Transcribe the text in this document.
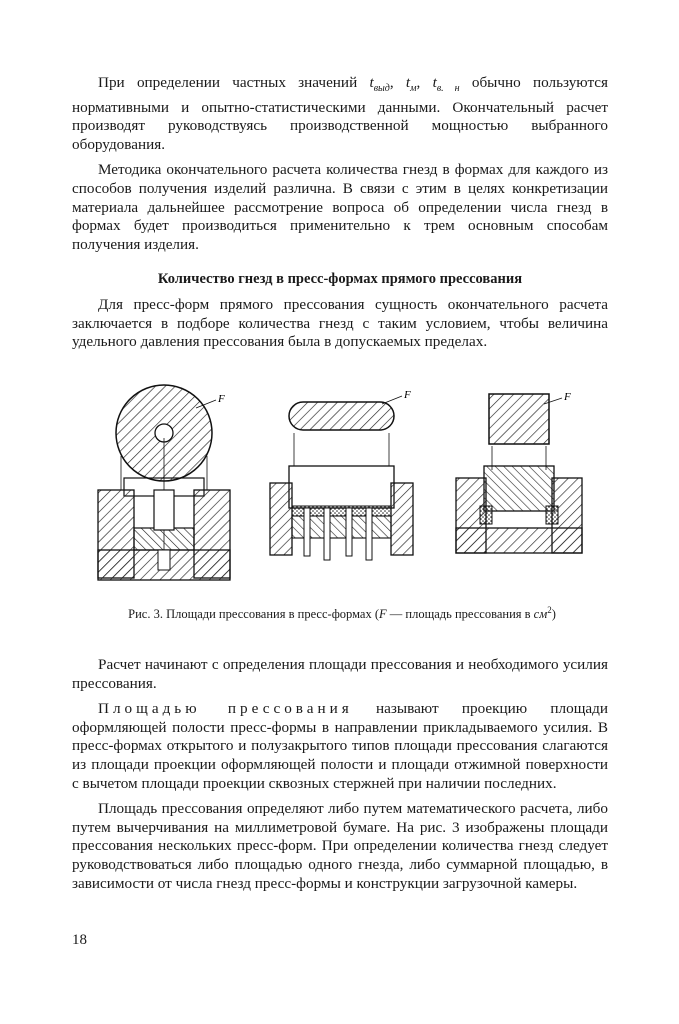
При определении частных значений $t_{выд}$, $t_м$, $t_{в. н}$ обычно пользуются нормативными и опытно-статистическими данными. Окончательный расчет производят руководствуясь производственной мощностью выбранного оборудования.

Методика окончательного расчета количества гнезд в формах для каждого из способов получения изделий различна. В связи с этим в целях конкретизации материала дальнейшее рассмотрение вопроса об определении числа гнезд в формах будет производиться применительно к трем основным способам получения изделия.

Количество гнезд в пресс-формах прямого прессования

Для пресс-форм прямого прессования сущность окончательного расчета заключается в подборе количества гнезд с таким условием, чтобы величина удельного давления прессования была в допускаемых пределах.

F	F	F
Рис. 3. Площади прессования в пресс-формах (F — площадь прессования в $см^2$)

Расчет начинают с определения площади прессования и необходимого усилия прессования.

Площадью прессования называют проекцию площади оформляющей полости пресс-формы в направлении прикладываемого усилия. В пресс-формах открытого и полузакрытого типов площади прессования слагаются из площади проекции оформляющей полости и площади отжимной поверхности с вычетом площади проекции сквозных стержней при наличии последних.

Площадь прессования определяют либо путем математического расчета, либо путем вычерчивания на миллиметровой бумаге. На рис. 3 изображены площади прессования нескольких пресс-форм. При определении количества гнезд следует руководствоваться либо площадью одного гнезда, либо суммарной площадью, в зависимости от числа гнезд пресс-формы и конструкции загрузочной камеры.

18
